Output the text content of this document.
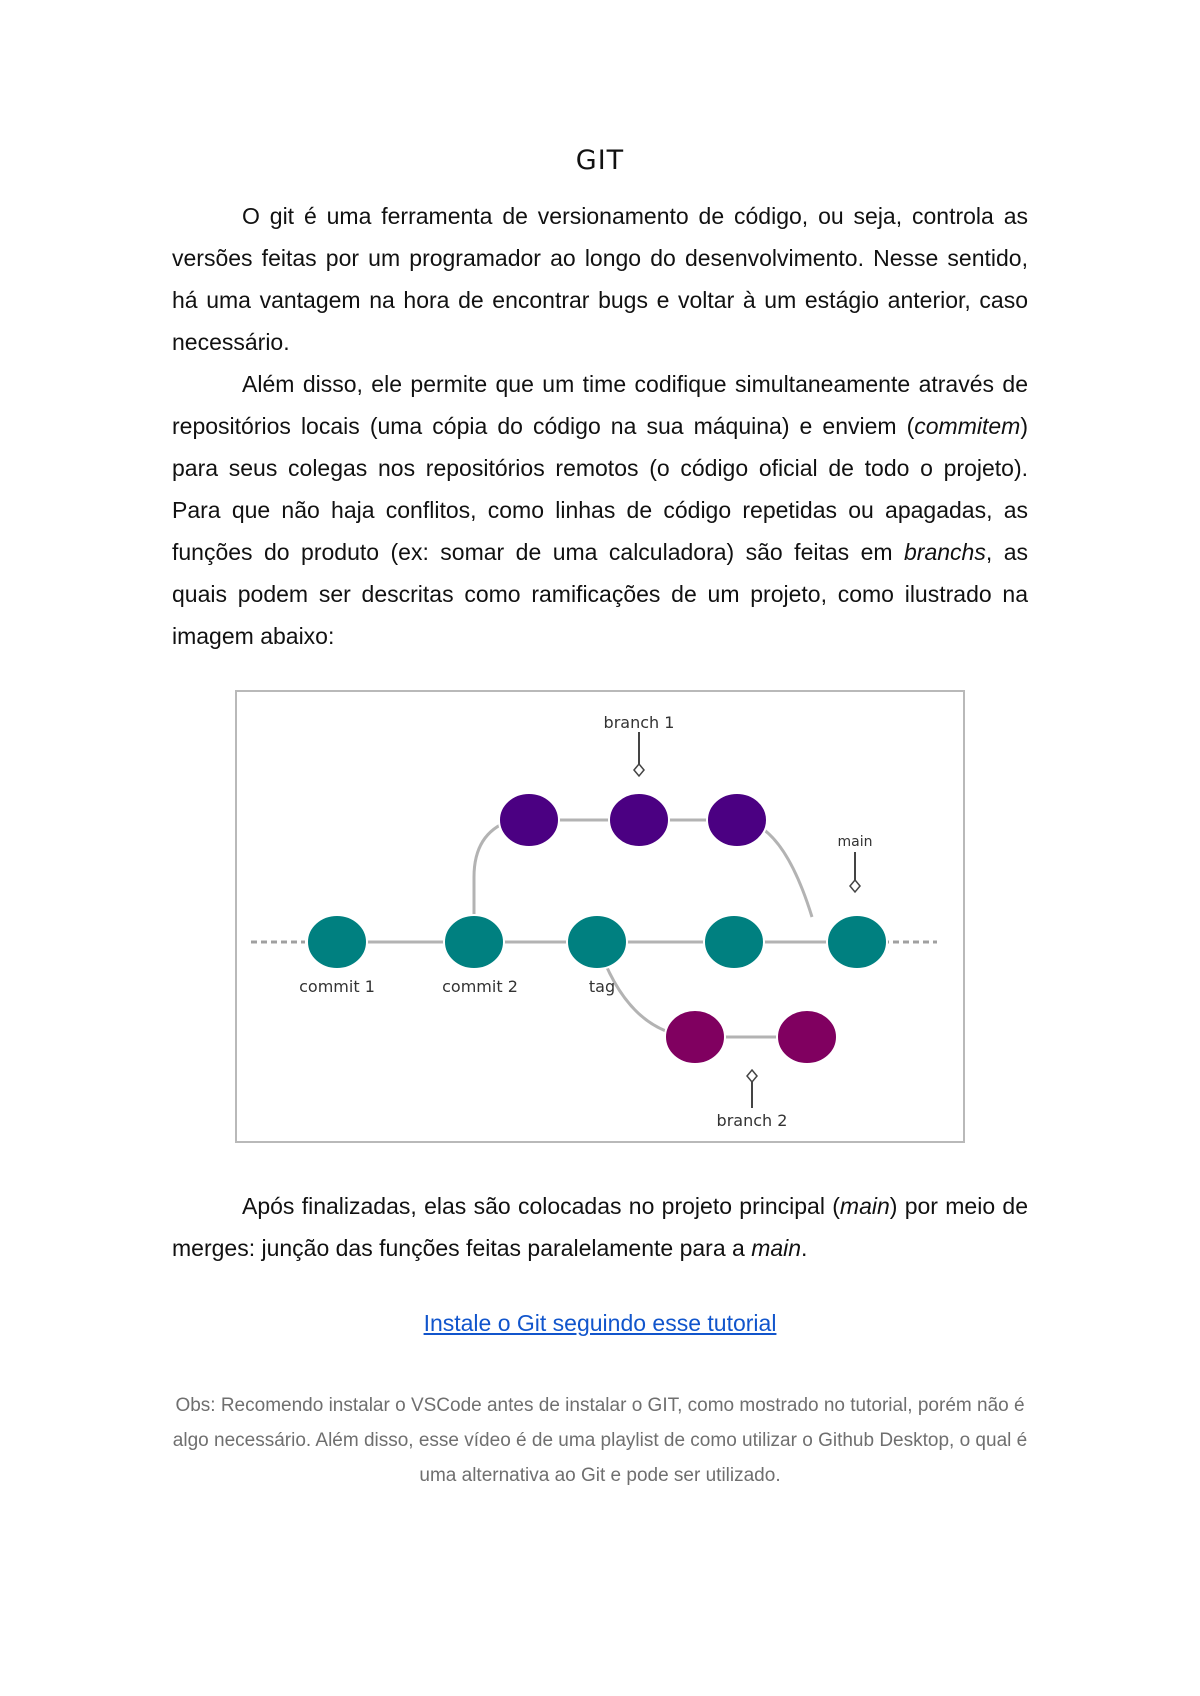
GIT

O git é uma ferramenta de versionamento de código, ou seja, controla as versões feitas por um programador ao longo do desenvolvimento. Nesse sentido, há uma vantagem na hora de encontrar bugs e voltar à um estágio anterior, caso necessário.

Além disso, ele permite que um time codifique simultaneamente através de repositórios locais (uma cópia do código na sua máquina) e enviem (commitem) para seus colegas nos repositórios remotos (o código oficial de todo o projeto). Para que não haja conflitos, como linhas de código repetidas ou apagadas, as funções do produto (ex: somar de uma calculadora) são feitas em branchs, as quais podem ser descritas como ramificações de um projeto, como ilustrado na imagem abaixo:

branch 1
main
commit 1	commit 2	tag
branch 2

Após finalizadas, elas são colocadas no projeto principal (main) por meio de merges: junção das funções feitas paralelamente para a main.

Instale o Git seguindo esse tutorial

Obs: Recomendo instalar o VSCode antes de instalar o GIT, como mostrado no tutorial, porém não é algo necessário. Além disso, esse vídeo é de uma playlist de como utilizar o Github Desktop, o qual é uma alternativa ao Git e pode ser utilizado.
